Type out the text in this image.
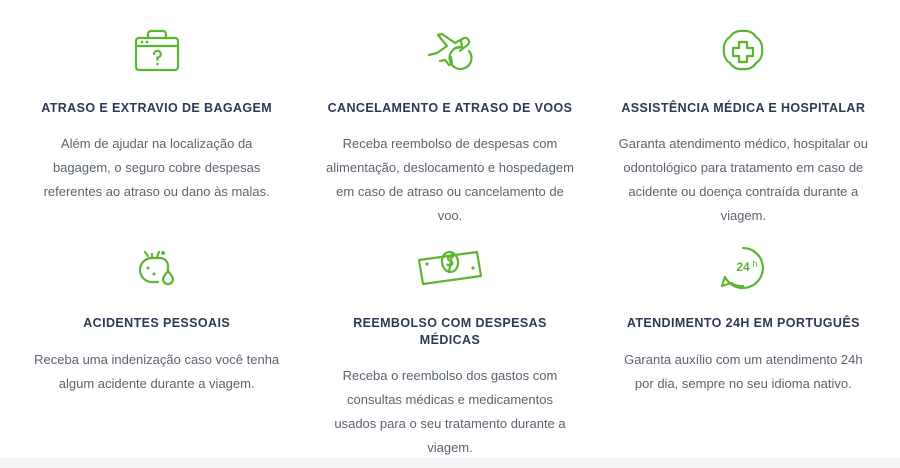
ATRASO E EXTRAVIO DE BAGAGEM

Além de ajudar na localização da bagagem, o seguro cobre despesas referentes ao atraso ou dano às malas.

CANCELAMENTO E ATRASO DE VOOS

Receba reembolso de despesas com alimentação, deslocamento e hospedagem em caso de atraso ou cancelamento de voo.

ASSISTÊNCIA MÉDICA E HOSPITALAR

Garanta atendimento médico, hospitalar ou odontológico para tratamento em caso de acidente ou doença contraída durante a viagem.

ACIDENTES PESSOAIS

Receba uma indenização caso você tenha algum acidente durante a viagem.

REEMBOLSO COM DESPESAS MÉDICAS

Receba o reembolso dos gastos com consultas médicas e medicamentos usados para o seu tratamento durante a viagem.

24 h
ATENDIMENTO 24H EM PORTUGUÊS

Garanta auxílio com um atendimento 24h por dia, sempre no seu idioma nativo.
